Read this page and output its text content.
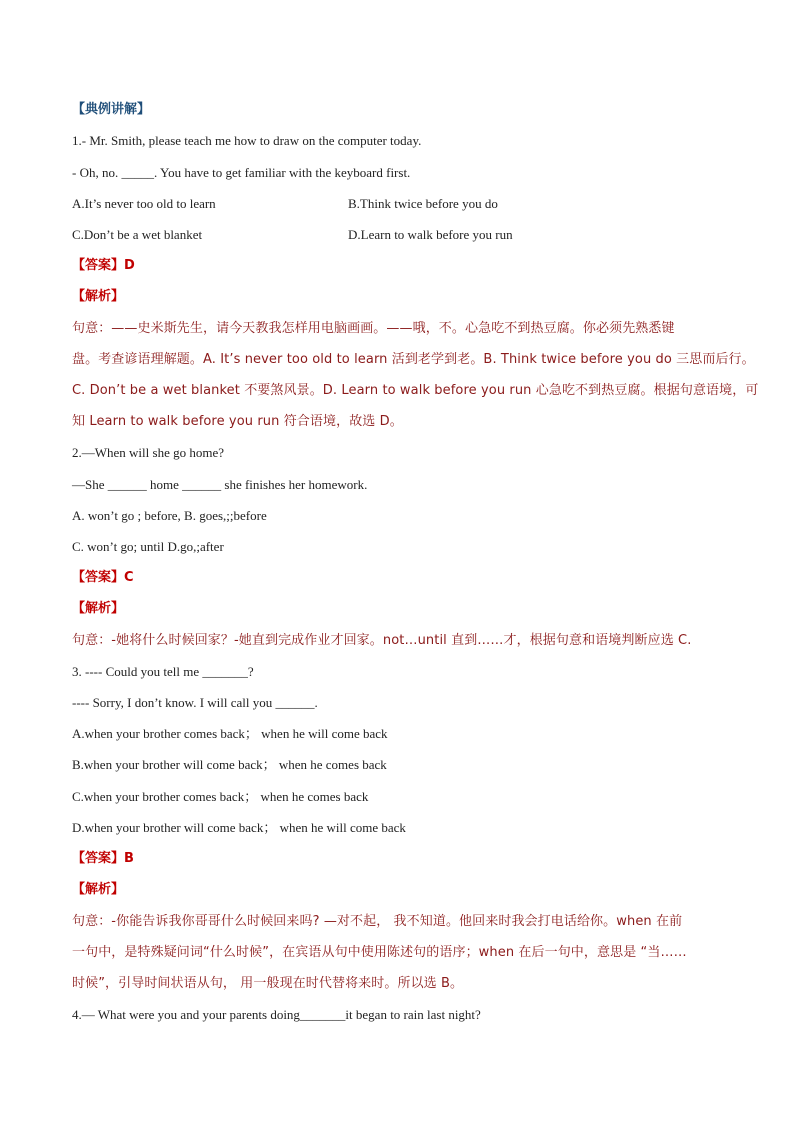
【典例讲解】
1.- Mr. Smith, please teach me how to draw on the computer today.
- Oh, no. _____. You have to get familiar with the keyboard first.
A.It’s never too old to learn	B.Think twice before you do
C.Don’t be a wet blanket	D.Learn to walk before you run
【答案】D
【解析】
句意：——史米斯先生，请今天教我怎样用电脑画画。——哦，不。心急吃不到热豆腐。你必须先熟悉键
盘。考查谚语理解题。A. It’s never too old to learn 活到老学到老。B. Think twice before you do 三思而后行。
C. Don’t be a wet blanket 不要煞风景。D. Learn to walk before you run 心急吃不到热豆腐。根据句意语境，可
知 Learn to walk before you run 符合语境，故选 D。
2.—When will she go home?
—She ______ home ______ she finishes her homework.
A. won’t go ; before, B. goes,;;before
C. won’t go; until D.go,;after
【答案】C
【解析】
句意：-她将什么时候回家？-她直到完成作业才回家。not…until 直到……才，根据句意和语境判断应选 C.
3. ---- Could you tell me _______?
---- Sorry, I don’t know. I will call you ______.
A.when your brother comes back； when he will come back
B.when your brother will come back； when he comes back
C.when your brother comes back； when he comes back
D.when your brother will come back； when he will come back
【答案】B
【解析】
句意：-你能告诉我你哥哥什么时候回来吗? —对不起， 我不知道。他回来时我会打电话给你。when 在前
一句中，是特殊疑问词“什么时候”，在宾语从句中使用陈述句的语序；when 在后一句中，意思是 “当……
时候”，引导时间状语从句， 用一般现在时代替将来时。所以选 B。
4.— What were you and your parents doing_______it began to rain last night?
